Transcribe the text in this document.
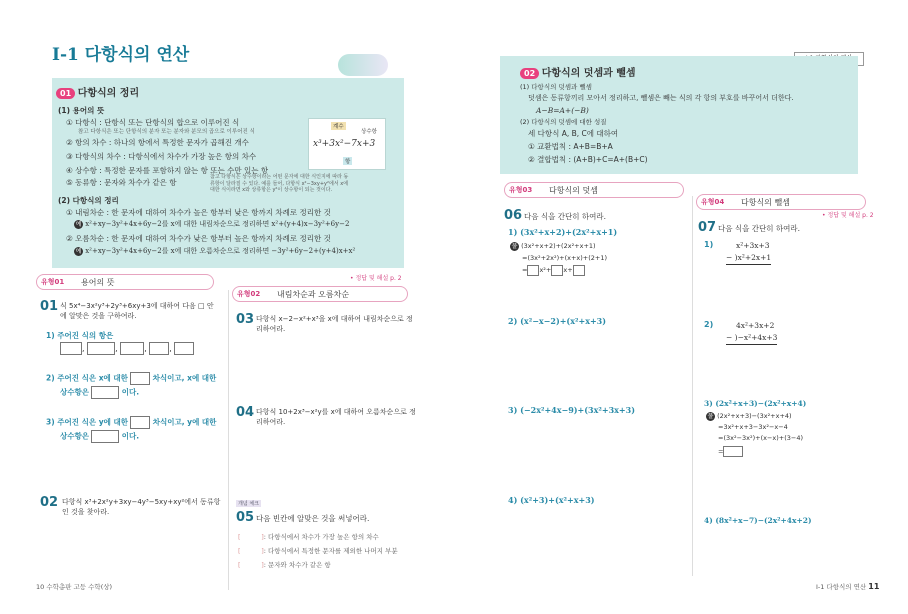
Ⅰ-1 다항식의 연산
01 다항식의 정리
(1) 용어의 뜻
① 다항식 : 단항식 또는 단항식의 합으로 이루어진 식
참고 다항식은 또는 단항식의 분자 또는 분자와 분모의 곱으로 이루어진 식
② 항의 차수 : 하나의 항에서 특정한 문자가 곱해진 개수
③ 다항식의 차수 : 다항식에서 차수가 가장 높은 항의 차수
④ 상수항 : 특정한 문자를 포함하지 않는 항 또는 수만 있는 항
⑤ 동류항 : 문자와 차수가 같은 항
참고 다항식은 상수항이라는 어떤 문자에 대한 식인지에 따라 동류항이 달라질 수 있다. 예를 들어, 다항식 x²−3xy+y²에서 x에 대한 식이라면 x와 상류항은 y²이 상수항이 되는 것이다.
계수
상수항
x³+3x²−7x+3
항
(2) 다항식의 정리
① 내림차순 : 한 문자에 대하여 차수가 높은 항부터 낮은 항까지 차례로 정리한 것
예 x²+xy−3y²+4x+6y−2를 x에 대한 내림차순으로 정리하면 x²+(y+4)x−3y²+6y−2
② 오름차순 : 한 문자에 대하여 차수가 낮은 항부터 높은 항까지 차례로 정리한 것
예 x²+xy−3y²+4x+6y−2를 x에 대한 오름차순으로 정리하면 −3y²+6y−2+(y+4)x+x²
• 정답 및 해설 p. 2
유형01 용어의 뜻
유형02 내림차순과 오름차순
01 식 5x⁴−3x²y³+2y³+6xy+3에 대하여 다음 □ 안에 알맞은 것을 구하여라.
1) 주어진 식의 항은
,	,	,	,
2) 주어진 식은 x에 대한	차식이고, x에 대한
상수항은	이다.
3) 주어진 식은 y에 대한	차식이고, y에 대한
상수항은	이다.
02 다항식 x³+2x²y+3xy−4y³−5xy+xy²에서 동류항인 것을 찾아라.
03 다항식 x−2−x²+x³을 x에 대하여 내림차순으로 정리하여라.
04 다항식 10+2x³−x²y를 x에 대하여 오름차순으로 정리하여라.
개념 체크
05 다음 빈칸에 알맞은 것을 써넣어라.
[          ]: 다항식에서 차수가 가장 높은 항의 차수
[          ]: 다항식에서 특정한 문자를 제외한 나머지 부분
[          ]: 문자와 차수가 같은 항
10 수학총판 고등 수학(상)
02 다항식의 덧셈과 뺄셈
(1) 다항식의 덧셈과 뺄셈
덧셈은 동류항끼리 모아서 정리하고, 뺄셈은 빼는 식의 각 항의 부호를 바꾸어서 더한다.
A−B=A+(−B)
(2) 다항식의 덧셈에 대한 성질
세 다항식 A, B, C에 대하여
① 교환법칙 : A+B=B+A
② 결합법칙 : (A+B)+C=A+(B+C)
• 정답 및 해설 p. 2
유형03 다항식의 덧셈
유형04 다항식의 뺄셈
06 다음 식을 간단히 하여라.
1) (3x²+x+2)+(2x²+x+1)
풀 (3x²+x+2)+(2x²+x+1)
=(3x²+2x²)+(x+x)+(2+1)
= x²+ x+
2) (x²−x−2)+(x²+x+3)
3) (−2x²+4x−9)+(3x²+3x+3)
4) (x²+3)+(x²+x+3)
07 다음 식을 간단히 하여라.
1)	x²+3x+3
− )x²+2x+1
2)	4x²+3x+2
− )−x²+4x+3
3) (2x²+x+3)−(2x²+x+4)
풀 (2x²+x+3)−(3x²+x+4)
=3x²+x+3−3x²−x−4
=(3x²−3x²)+(x−x)+(3−4)
=
4) (8x²+x−7)−(2x²+4x+2)
Ⅰ-1 다항식의 연산 11
